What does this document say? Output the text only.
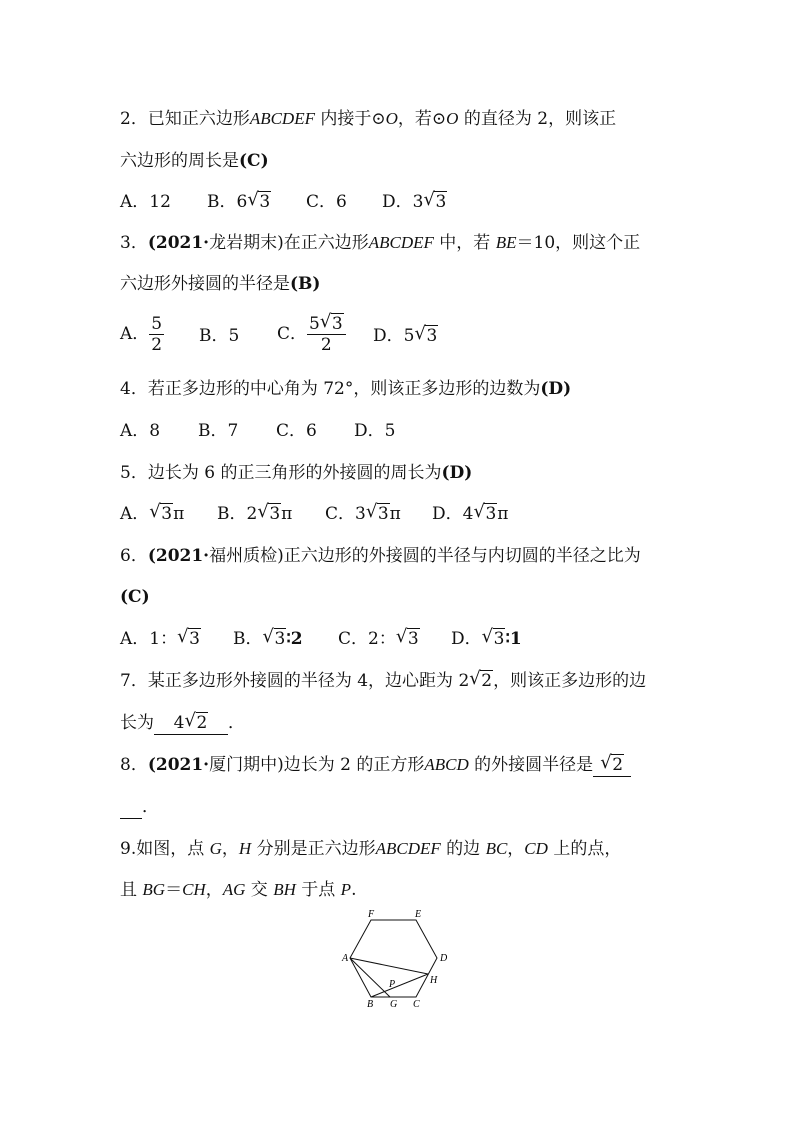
2．已知正六边形ABCDEF 内接于⊙O，若⊙O 的直径为 2，则该正
六边形的周长是(C)
A．12 B．6 √ 3 C．6 D．3 √ 3
3．(2021·龙岩期末)在正六边形ABCDEF 中，若 BE＝10，则这个正
六边形外接圆的半径是(B)
A． $\frac{5}{2}$ B．5 C． $\frac{5 √ 3}{2}$ D．5 √ 3
4．若正多边形的中心角为 72°，则该正多边形的边数为(D)
A．8 B．7 C．6 D．5
5．边长为 6 的正三角形的外接圆的周长为(D)
A． √ 3π B．2 √ 3π C．3 √ 3π D．4 √ 3π
6．(2021·福州质检)正六边形的外接圆的半径与内切圆的半径之比为
(C)
A．1： √ 3 B． √ 3∶2 C．2： √ 3 D． √ 3∶1
7．某正多边形外接圆的半径为 4，边心距为 2 √ 2，则该正多边形的边
长为 4 √ 2 ．
8．(2021·厦门期中)边长为 2 的正方形ABCD 的外接圆半径是 √ 2
．
9.如图，点 G，H 分别是正六边形ABCDEF 的边 BC，CD 上的点，
且 BG＝CH，AG 交 BH 于点 P.
F	E
A	D
P	H
B G C
